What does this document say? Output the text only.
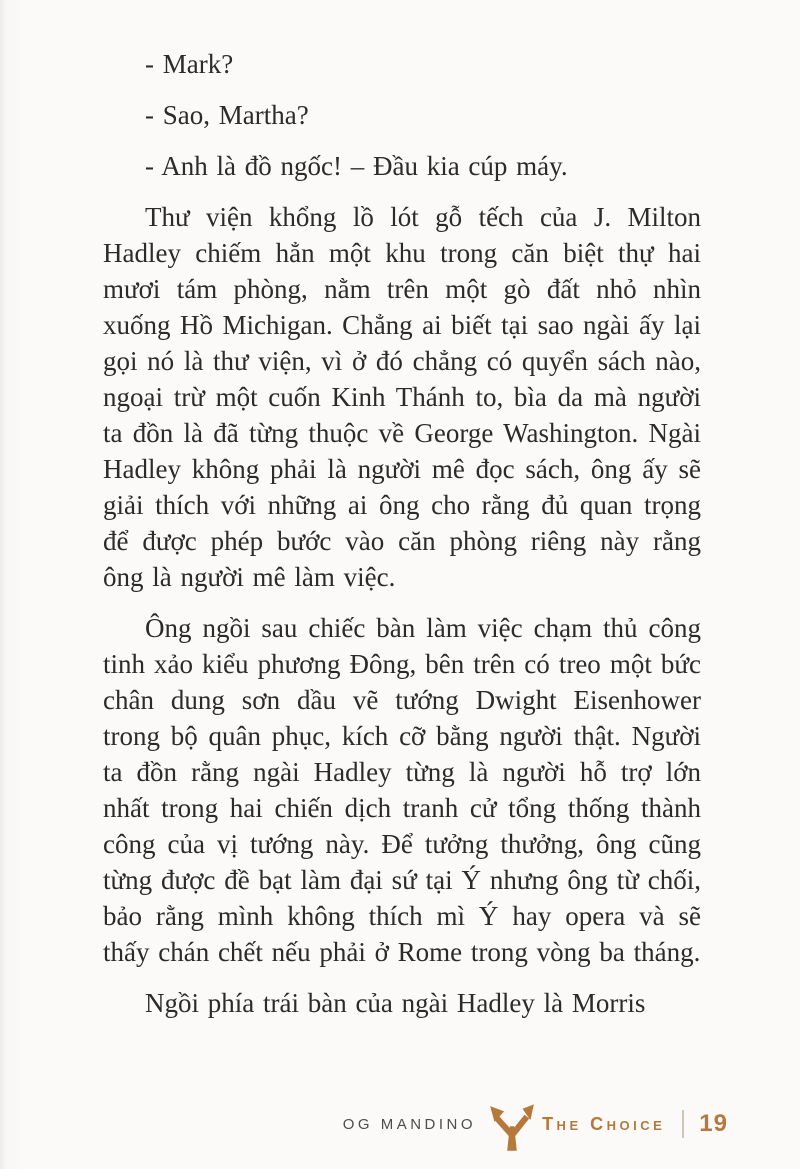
- Mark?

- Sao, Martha?

- Anh là đồ ngốc! – Đầu kia cúp máy.

Thư viện khổng lồ lót gỗ tếch của J. Milton Hadley chiếm hẳn một khu trong căn biệt thự hai mươi tám phòng, nằm trên một gò đất nhỏ nhìn xuống Hồ Michigan. Chẳng ai biết tại sao ngài ấy lại gọi nó là thư viện, vì ở đó chẳng có quyển sách nào, ngoại trừ một cuốn Kinh Thánh to, bìa da mà người ta đồn là đã từng thuộc về George Washington. Ngài Hadley không phải là người mê đọc sách, ông ấy sẽ giải thích với những ai ông cho rằng đủ quan trọng để được phép bước vào căn phòng riêng này rằng ông là người mê làm việc.

Ông ngồi sau chiếc bàn làm việc chạm thủ công tinh xảo kiểu phương Đông, bên trên có treo một bức chân dung sơn dầu vẽ tướng Dwight Eisenhower trong bộ quân phục, kích cỡ bằng người thật. Người ta đồn rằng ngài Hadley từng là người hỗ trợ lớn nhất trong hai chiến dịch tranh cử tổng thống thành công của vị tướng này. Để tưởng thưởng, ông cũng từng được đề bạt làm đại sứ tại Ý nhưng ông từ chối, bảo rằng mình không thích mì Ý hay opera và sẽ thấy chán chết nếu phải ở Rome trong vòng ba tháng.

Ngồi phía trái bàn của ngài Hadley là Morris

OG MANDINO	The Choice 19
